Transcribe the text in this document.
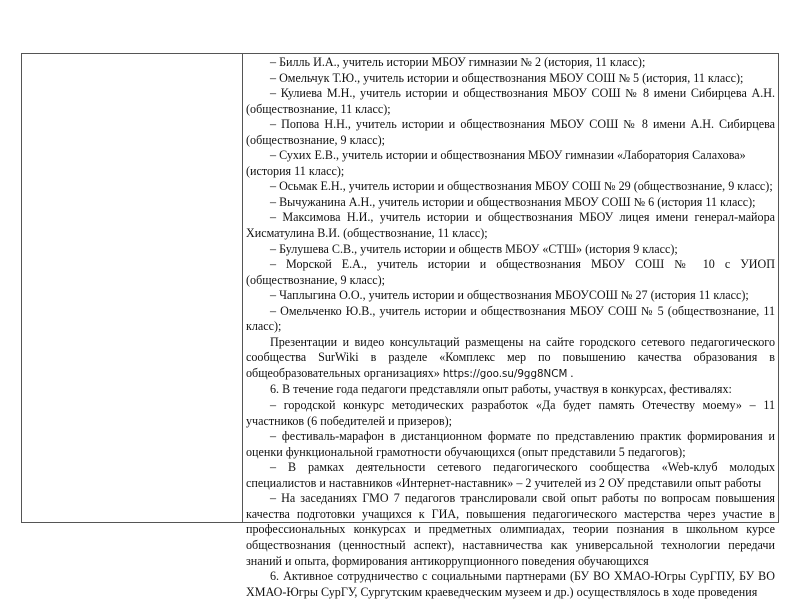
– Билль И.А., учитель истории МБОУ гимназии № 2 (история, 11 класс);

– Омельчук Т.Ю., учитель истории и обществознания МБОУ СОШ № 5 (история, 11 класс);

– Кулиева М.Н., учитель истории и обществознания МБОУ СОШ № 8 имени Сибирцева А.Н. (обществознание, 11 класс);

– Попова Н.Н., учитель истории и обществознания МБОУ СОШ № 8 имени А.Н. Сибирцева (обществознание, 9 класс);

– Сухих Е.В., учитель истории и обществознания МБОУ гимназии «Лаборатория Салахова»

(история 11 класс);

– Осьмак Е.Н., учитель истории и обществознания МБОУ СОШ № 29 (обществознание, 9 класс);

– Вычужанина А.Н., учитель истории и обществознания МБОУ СОШ № 6 (история 11 класс);

– Максимова Н.И., учитель истории и обществознания МБОУ лицея имени генерал-майора Хисматулина В.И. (обществознание, 11 класс);

– Булушева С.В., учитель истории и обществ МБОУ «СТШ» (история 9 класс);

– Морской Е.А., учитель истории и обществознания МБОУ СОШ № 10 с УИОП (обществознание, 9 класс);

– Чаплыгина О.О., учитель истории и обществознания МБОУСОШ № 27 (история 11 класс);

– Омельченко Ю.В., учитель истории и обществознания МБОУ СОШ № 5 (обществознание, 11 класс);

Презентации и видео консультаций размещены на сайте городского сетевого педагогического сообщества SurWiki в разделе «Комплекс мер по повышению качества образования в общеобразовательных организациях» https://goo.su/9gg8NCM .

6. В течение года педагоги представляли опыт работы, участвуя в конкурсах, фестивалях:

– городской конкурс методических разработок «Да будет память Отечеству моему» – 11 участников (6 победителей и призеров);

– фестиваль-марафон в дистанционном формате по представлению практик формирования и оценки функциональной грамотности обучающихся (опыт представили 5 педагогов);

– В рамках деятельности сетевого педагогического сообщества «Web-клуб молодых специалистов и наставников «Интернет-наставник» – 2 учителей из 2 ОУ представили опыт работы

– На заседаниях ГМО 7 педагогов транслировали свой опыт работы по вопросам повышения качества подготовки учащихся к ГИА, повышения педагогического мастерства через участие в профессиональных конкурсах и предметных олимпиадах, теории познания в школьном курсе обществознания (ценностный аспект), наставничества как универсальной технологии передачи знаний и опыта, формирования антикоррупционного поведения обучающихся

6. Активное сотрудничество с социальными партнерами (БУ ВО ХМАО-Югры СурГПУ, БУ ВО ХМАО-Югры СурГУ, Сургутским краеведческим музеем и др.) осуществлялось в ходе проведения
